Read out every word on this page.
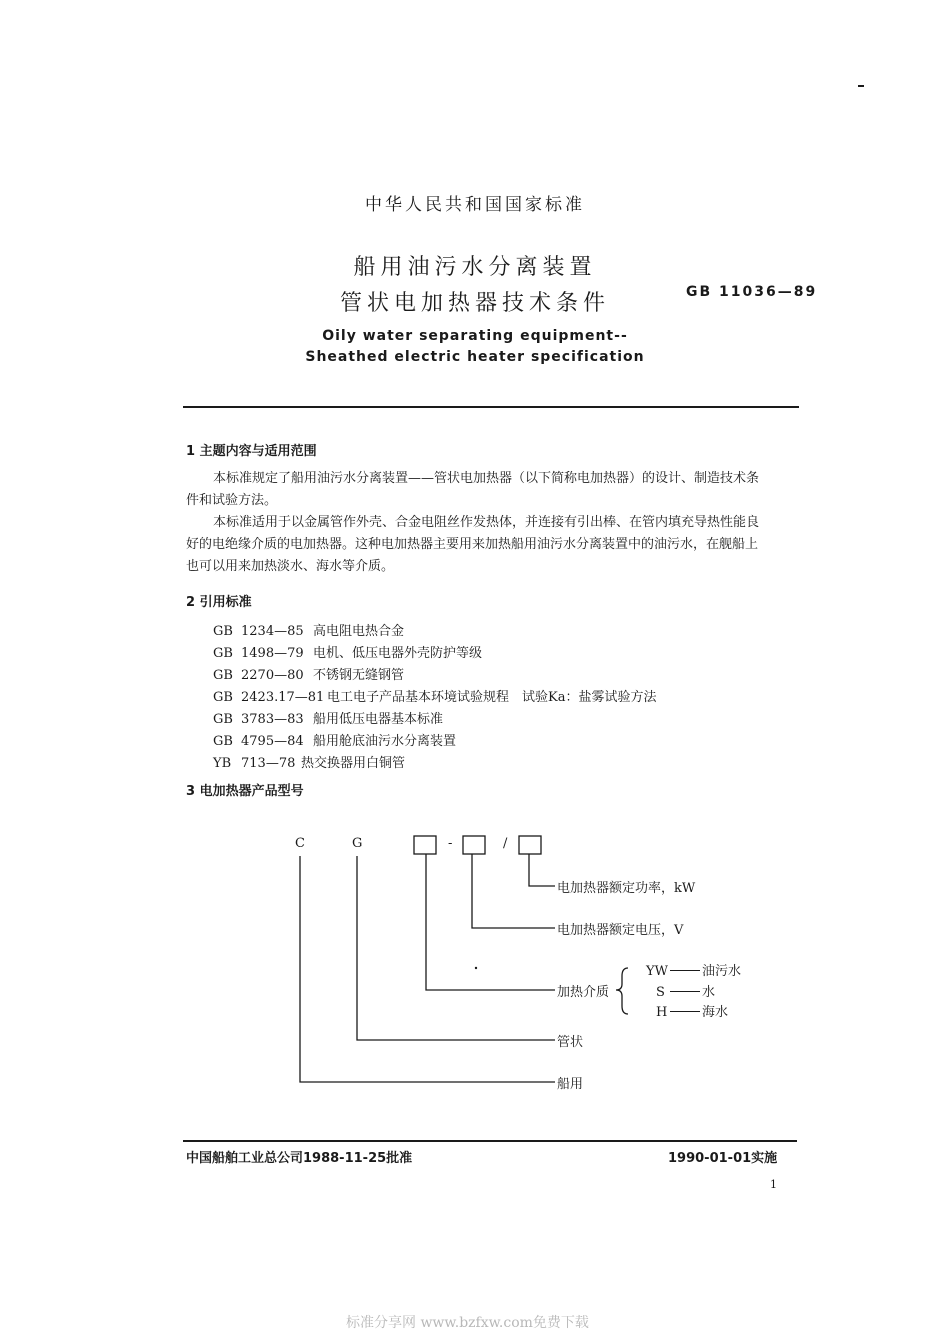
中华人民共和国国家标准
船用油污水分离装置
管状电加热器技术条件	GB 11036—89
Oily water separating equipment--
Sheathed electric heater specification
1 主题内容与适用范围
本标准规定了船用油污水分离装置——管状电加热器（以下简称电加热器）的设计、制造技术条
件和试验方法。
本标准适用于以金属管作外壳、合金电阻丝作发热体，并连接有引出棒、在管内填充导热性能良
好的电绝缘介质的电加热器。这种电加热器主要用来加热船用油污水分离装置中的油污水，在舰船上
也可以用来加热淡水、海水等介质。
2 引用标准
GB 1234—85 高电阻电热合金
GB 1498—79 电机、低压电器外壳防护等级
GB 2270—80 不锈钢无缝钢管
GB 2423.17—81 电工电子产品基本环境试验规程　试验Ka：盐雾试验方法
GB 3783—83 船用低压电器基本标准
GB 4795—84 船用舱底油污水分离装置
YB 713—78 热交换器用白铜管
3 电加热器产品型号
C	G	-	/
电加热器额定功率，kW
电加热器额定电压，V
加热介质
管状
船用
YW	油污水
S	水
H	海水
中国船舶工业总公司1988-11-25批准	1990-01-01实施
1
标准分享网 www.bzfxw.com免费下载
